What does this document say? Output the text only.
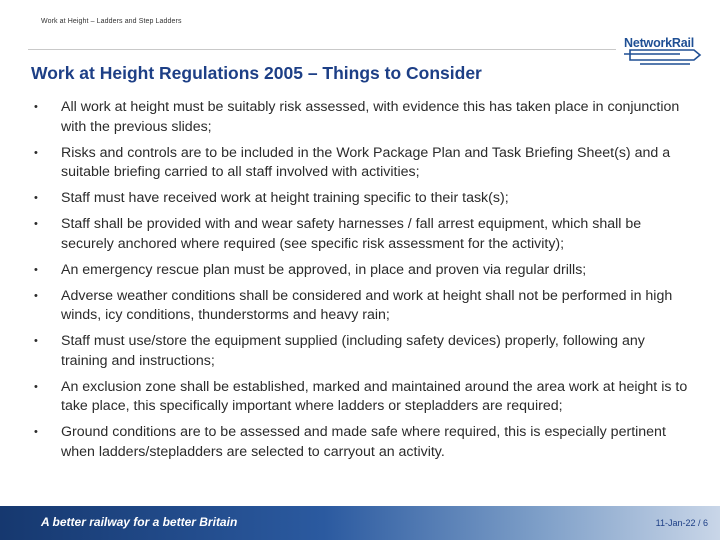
Work at Height – Ladders and Step Ladders
NetworkRail
Work at Height Regulations 2005 – Things to Consider
• All work at height must be suitably risk assessed, with evidence this has taken place in conjunction with the previous slides;
• Risks and controls are to be included in the Work Package Plan and Task Briefing Sheet(s) and a suitable briefing carried to all staff involved with activities;
• Staff must have received work at height training specific to their task(s);
• Staff shall be provided with and wear safety harnesses / fall arrest equipment, which shall be securely anchored where required (see specific risk assessment for the activity);
• An emergency rescue plan must be approved, in place and proven via regular drills;
• Adverse weather conditions shall be considered and work at height shall not be performed in high winds, icy conditions, thunderstorms and heavy rain;
• Staff must use/store the equipment supplied (including safety devices) properly, following any training and instructions;
• An exclusion zone shall be established, marked and maintained around the area work at height is to take place, this specifically important where ladders or stepladders are required;
• Ground conditions are to be assessed and made safe where required, this is especially pertinent when ladders/stepladders are selected to carryout an activity.
A better railway for a better Britain	11-Jan-22 / 6
